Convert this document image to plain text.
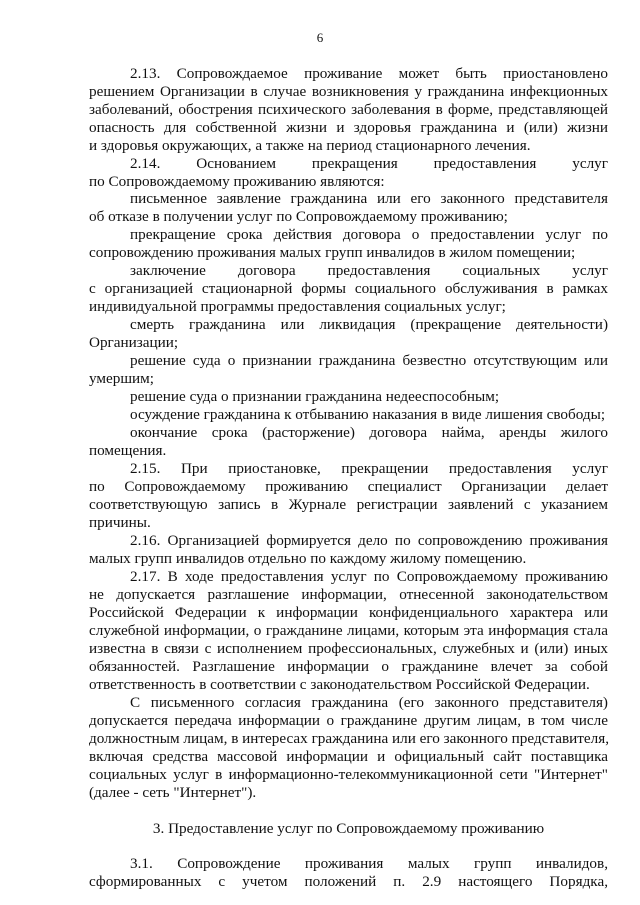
6
2.13. Сопровождаемое проживание может быть приостановлено
решением Организации в случае возникновения у гражданина инфекционных
заболеваний, обострения психического заболевания в форме, представляющей
опасность для собственной жизни и здоровья гражданина и (или) жизни
и здоровья окружающих, а также на период стационарного лечения.
2.14. Основанием прекращения предоставления услуг
по Сопровождаемому проживанию являются:
письменное заявление гражданина или его законного представителя
об отказе в получении услуг по Сопровождаемому проживанию;
прекращение срока действия договора о предоставлении услуг по
сопровождению проживания малых групп инвалидов в жилом помещении;
заключение договора предоставления социальных услуг
с организацией стационарной формы социального обслуживания в рамках
индивидуальной программы предоставления социальных услуг;
смерть гражданина или ликвидация (прекращение деятельности)
Организации;
решение суда о признании гражданина безвестно отсутствующим или
умершим;
решение суда о признании гражданина недееспособным;
осуждение гражданина к отбыванию наказания в виде лишения свободы;
окончание срока (расторжение) договора найма, аренды жилого
помещения.
2.15. При приостановке, прекращении предоставления услуг
по Сопровождаемому проживанию специалист Организации делает
соответствующую запись в Журнале регистрации заявлений с указанием
причины.
2.16. Организацией формируется дело по сопровождению проживания
малых групп инвалидов отдельно по каждому жилому помещению.
2.17. В ходе предоставления услуг по Сопровождаемому проживанию
не допускается разглашение информации, отнесенной законодательством
Российской Федерации к информации конфиденциального характера или
служебной информации, о гражданине лицами, которым эта информация стала
известна в связи с исполнением профессиональных, служебных и (или) иных
обязанностей. Разглашение информации о гражданине влечет за собой
ответственность в соответствии с законодательством Российской Федерации.
С письменного согласия гражданина (его законного представителя)
допускается передача информации о гражданине другим лицам, в том числе
должностным лицам, в интересах гражданина или его законного представителя,
включая средства массовой информации и официальный сайт поставщика
социальных услуг в информационно-телекоммуникационной сети "Интернет"
(далее - сеть "Интернет").
3. Предоставление услуг по Сопровождаемому проживанию
3.1. Сопровождение проживания малых групп инвалидов,
сформированных с учетом положений п. 2.9 настоящего Порядка,
